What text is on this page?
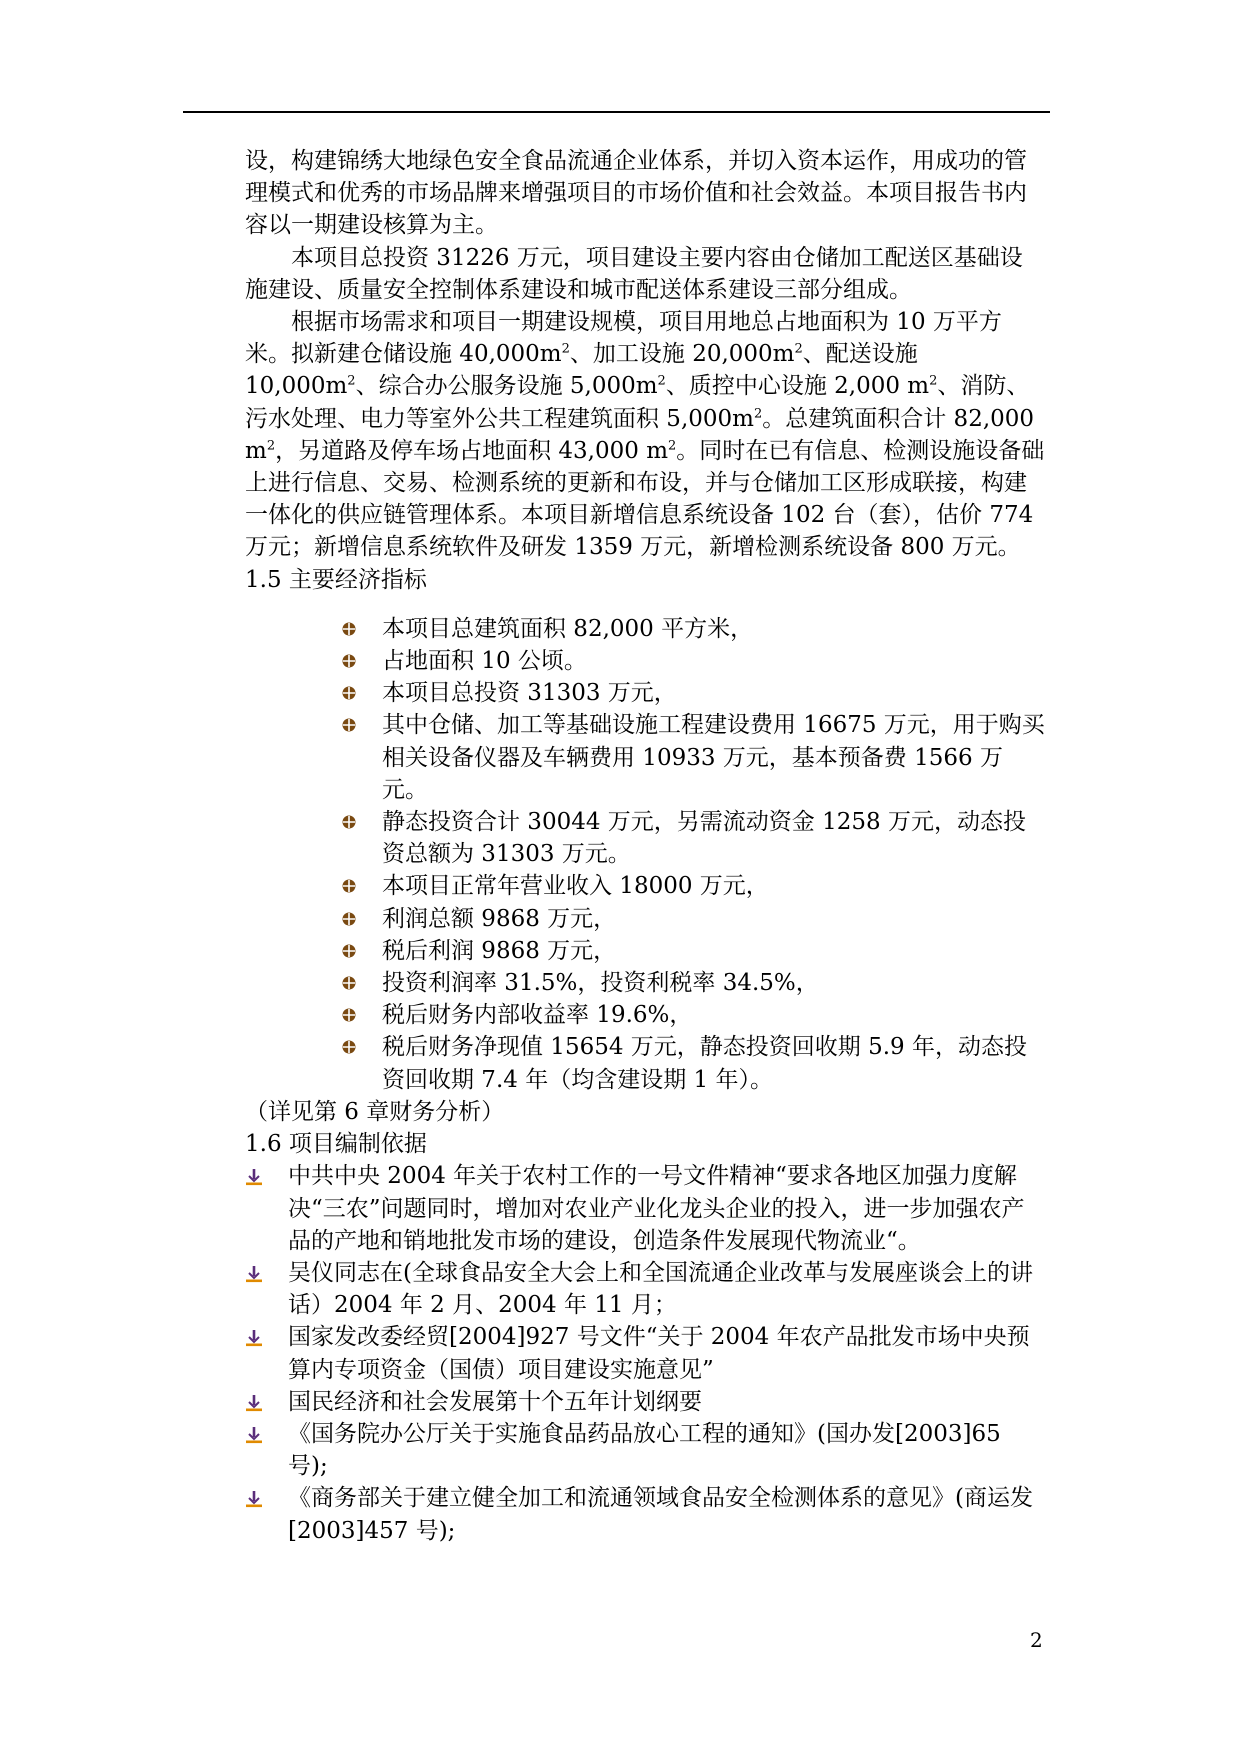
设，构建锦绣大地绿色安全食品流通企业体系，并切入资本运作，用成功的管理模式和优秀的市场品牌来增强项目的市场价值和社会效益。本项目报告书内容以一期建设核算为主。

本项目总投资 31226 万元，项目建设主要内容由仓储加工配送区基础设施建设、质量安全控制体系建设和城市配送体系建设三部分组成。

根据市场需求和项目一期建设规模，项目用地总占地面积为 10 万平方米。拟新建仓储设施 $40,000m^2$、加工设施 $20,000m^2$、配送设施 $10,000m^2$、综合办公服务设施 $5,000m^2$、质控中心设施 2,000 $m^2$、消防、污水处理、电力等室外公共工程建筑面积 $5,000m^2$。总建筑面积合计 82,000 $m^2$，另道路及停车场占地面积 43,000 $m^2$。同时在已有信息、检测设施设备础上进行信息、交易、检测系统的更新和布设，并与仓储加工区形成联接，构建一体化的供应链管理体系。本项目新增信息系统设备 102 台（套），估价 774 万元；新增信息系统软件及研发 1359 万元，新增检测系统设备 800 万元。

1.5 主要经济指标

本项目总建筑面积 82,000 平方米，
占地面积 10 公顷。
本项目总投资 31303 万元，
其中仓储、加工等基础设施工程建设费用 16675 万元，用于购买相关设备仪器及车辆费用 10933 万元，基本预备费 1566 万元。
静态投资合计 30044 万元，另需流动资金 1258 万元，动态投资总额为 31303 万元。
本项目正常年营业收入 18000 万元，
利润总额 9868 万元，
税后利润 9868 万元，
投资利润率 31.5%，投资利税率 34.5%，
税后财务内部收益率 19.6%，
税后财务净现值 15654 万元，静态投资回收期 5.9 年，动态投资回收期 7.4 年（均含建设期 1 年）。

（详见第 6 章财务分析）

1.6 项目编制依据

中共中央 2004 年关于农村工作的一号文件精神“要求各地区加强力度解决“三农”问题同时，增加对农业产业化龙头企业的投入，进一步加强农产品的产地和销地批发市场的建设，创造条件发展现代物流业“。
吴仪同志在(全球食品安全大会上和全国流通企业改革与发展座谈会上的讲话）2004 年 2 月、2004 年 11 月；
国家发改委经贸[2004]927 号文件“关于 2004 年农产品批发市场中央预算内专项资金（国债）项目建设实施意见”
国民经济和社会发展第十个五年计划纲要
《国务院办公厅关于实施食品药品放心工程的通知》(国办发[2003]65 号);
《商务部关于建立健全加工和流通领域食品安全检测体系的意见》(商运发[2003]457 号);
2
